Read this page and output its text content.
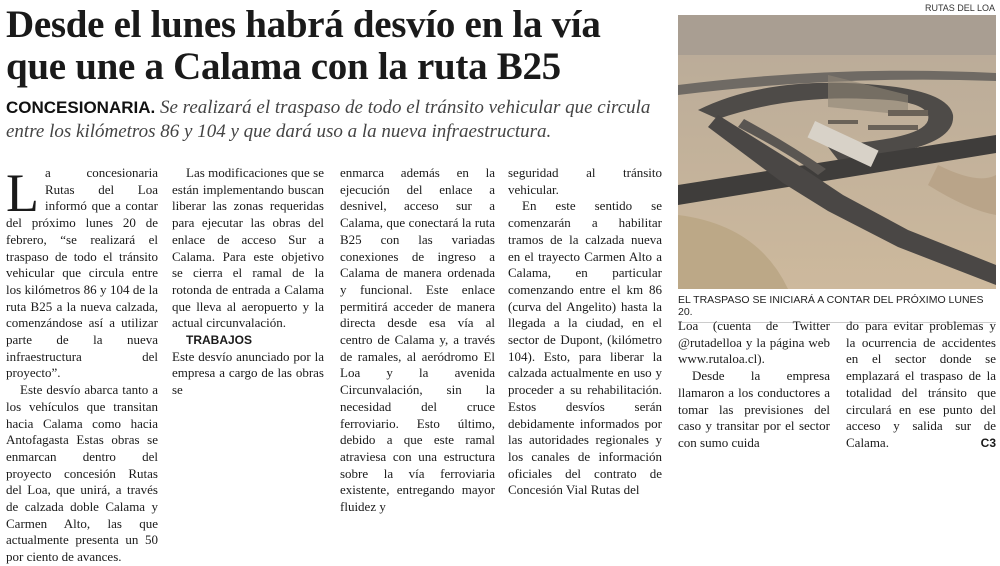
Desde el lunes habrá desvío en la vía que une a Calama con la ruta B25

CONCESIONARIA. Se realizará el traspaso de todo el tránsito vehicular que circula entre los kilómetros 86 y 104 y que dará uso a la nueva infraestructura.

La concesionaria Rutas del Loa informó que a contar del próximo lunes 20 de febrero, “se realizará el traspaso de todo el tránsito vehicular que circula entre los kilómetros 86 y 104 de la ruta B25 a la nueva calzada, comenzándose así a utilizar parte de la nueva infraestructura del proyecto”.

Este desvío abarca tanto a los vehículos que transitan hacia Calama como hacia Antofagasta Estas obras se enmarcan dentro del proyecto concesión Rutas del Loa, que unirá, a través de calzada doble Calama y Carmen Alto, las que actualmente presenta un 50 por ciento de avances.

Las modificaciones que se están implementando buscan liberar las zonas requeridas para ejecutar las obras del enlace de acceso Sur a Calama. Para este objetivo se cierra el ramal de la rotonda de entrada a Calama que lleva al aeropuerto y la actual circunvalación.

TRABAJOS

Este desvío anunciado por la empresa a cargo de las obras se

enmarca además en la ejecución del enlace a desnivel, acceso sur a Calama, que conectará la ruta B25 con las variadas conexiones de ingreso a Calama de manera ordenada y funcional. Este enlace permitirá acceder de manera directa desde esa vía al centro de Calama y, a través de ramales, al aeródromo El Loa y la avenida Circunvalación, sin la necesidad del cruce ferroviario. Esto último, debido a que este ramal atraviesa con una estructura sobre la vía ferroviaria existente, entregando mayor fluidez y

seguridad al tránsito vehicular.

En este sentido se comenzarán a habilitar tramos de la calzada nueva en el trayecto Carmen Alto a Calama, en particular comenzando entre el km 86 (curva del Angelito) hasta la llegada a la ciudad, en el sector de Dupont, (kilómetro 104). Esto, para liberar la calzada actualmente en uso y proceder a su rehabilitación. Estos desvíos serán debidamente informados por las autoridades regionales y los canales de información oficiales del contrato de Concesión Vial Rutas del

RUTAS DEL LOA

EL TRASPASO SE INICIARÁ A CONTAR DEL PRÓXIMO LUNES 20.

Loa (cuenta de Twitter @rutadelloa y la página web www.rutaloa.cl).

Desde la empresa llamaron a los conductores a tomar las previsiones del caso y transitar por el sector con sumo cuida

do para evitar problemas y la ocurrencia de accidentes en el sector donde se emplazará el traspaso de la totalidad del tránsito que circulará en ese punto del acceso y salida sur de Calama.	C3
